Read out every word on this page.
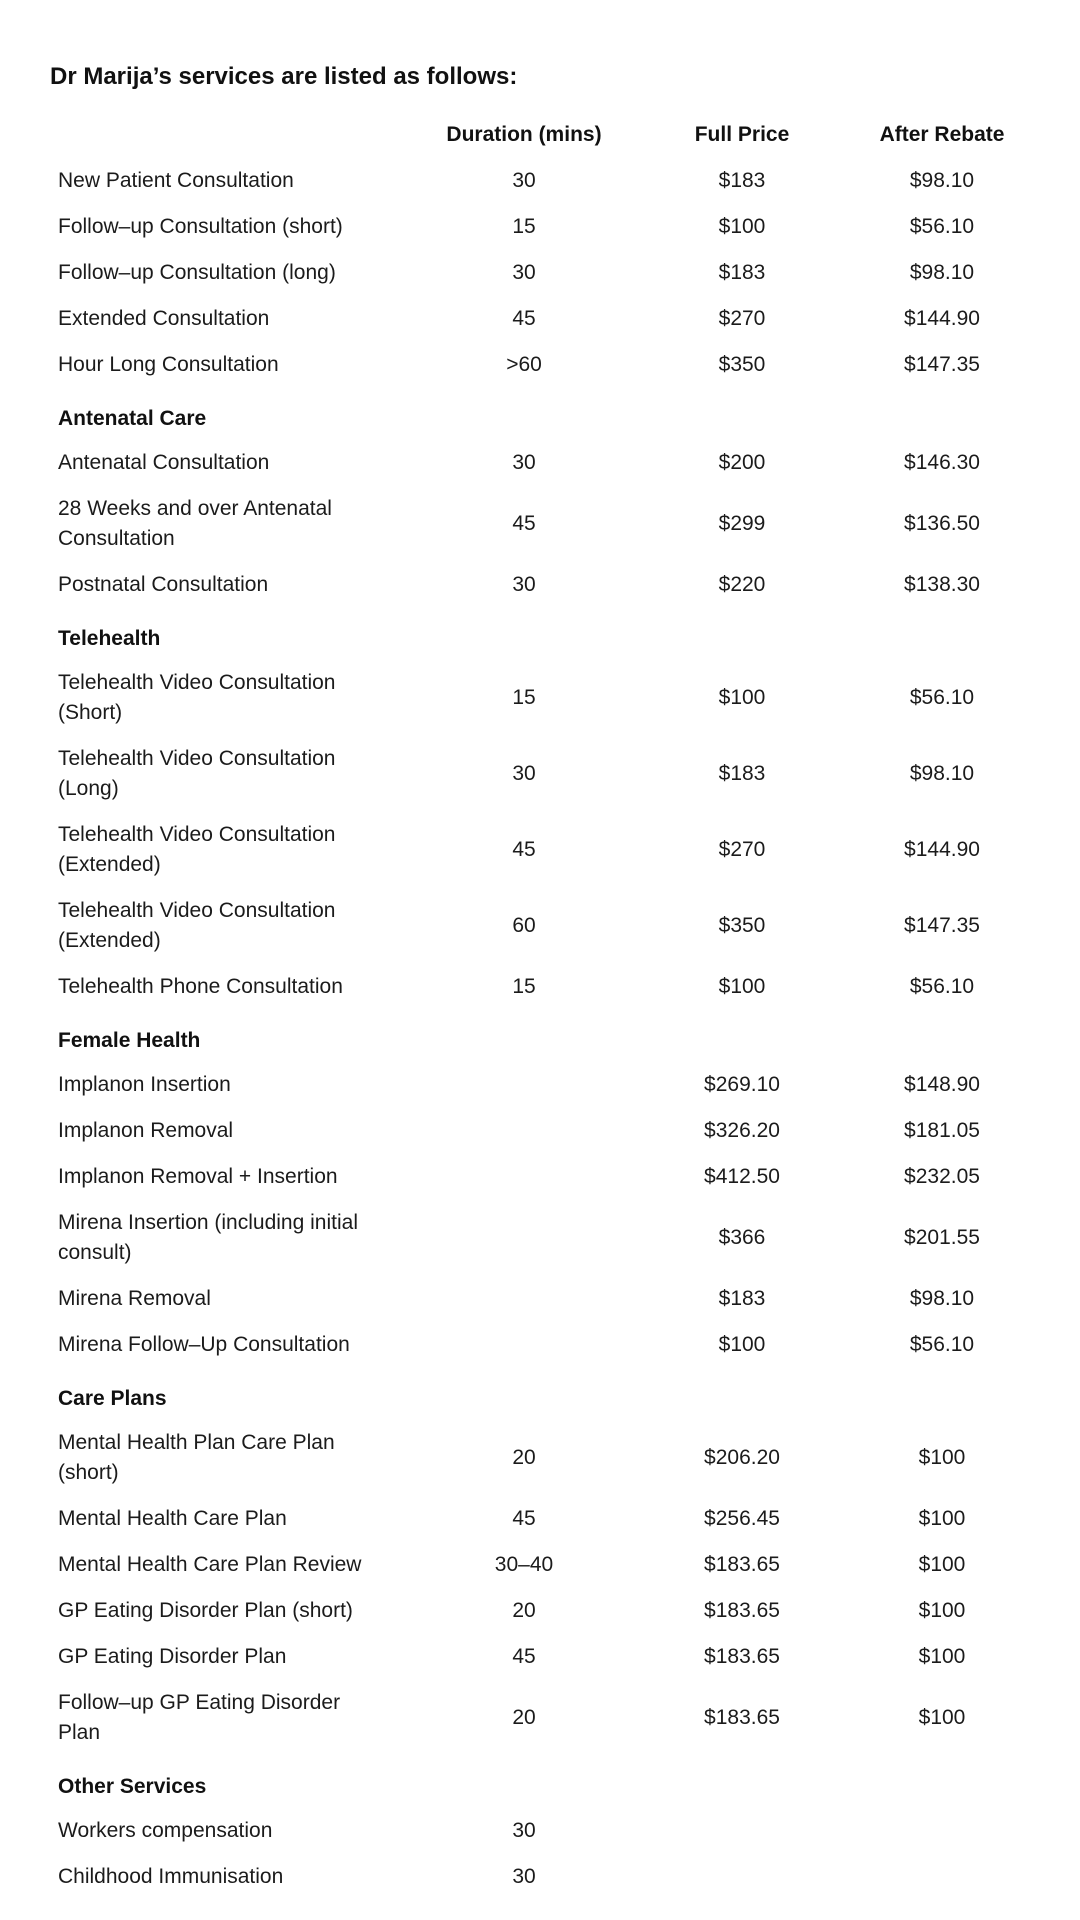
Dr Marija’s services are listed as follows:
	Duration (mins)	Full Price	After Rebate
New Patient Consultation	30	$183	$98.10
Follow–up Consultation (short)	15	$100	$56.10
Follow–up Consultation (long)	30	$183	$98.10
Extended Consultation	45	$270	$144.90
Hour Long Consultation	>60	$350	$147.35
Antenatal Care			
Antenatal Consultation	30	$200	$146.30
28 Weeks and over Antenatal Consultation	45	$299	$136.50
Postnatal Consultation	30	$220	$138.30
Telehealth			
Telehealth Video Consultation (Short)	15	$100	$56.10
Telehealth Video Consultation (Long)	30	$183	$98.10
Telehealth Video Consultation (Extended)	45	$270	$144.90
Telehealth Video Consultation (Extended)	60	$350	$147.35
Telehealth Phone Consultation	15	$100	$56.10
Female Health			
Implanon Insertion		$269.10	$148.90
Implanon Removal		$326.20	$181.05
Implanon Removal + Insertion		$412.50	$232.05
Mirena Insertion (including initial consult)		$366	$201.55
Mirena Removal		$183	$98.10
Mirena Follow–Up Consultation		$100	$56.10
Care Plans			
Mental Health Plan Care Plan (short)	20	$206.20	$100
Mental Health Care Plan	45	$256.45	$100
Mental Health Care Plan Review	30–40	$183.65	$100
GP Eating Disorder Plan (short)	20	$183.65	$100
GP Eating Disorder Plan	45	$183.65	$100
Follow–up GP Eating Disorder Plan	20	$183.65	$100
Other Services			
Workers compensation	30		
Childhood Immunisation	30		
